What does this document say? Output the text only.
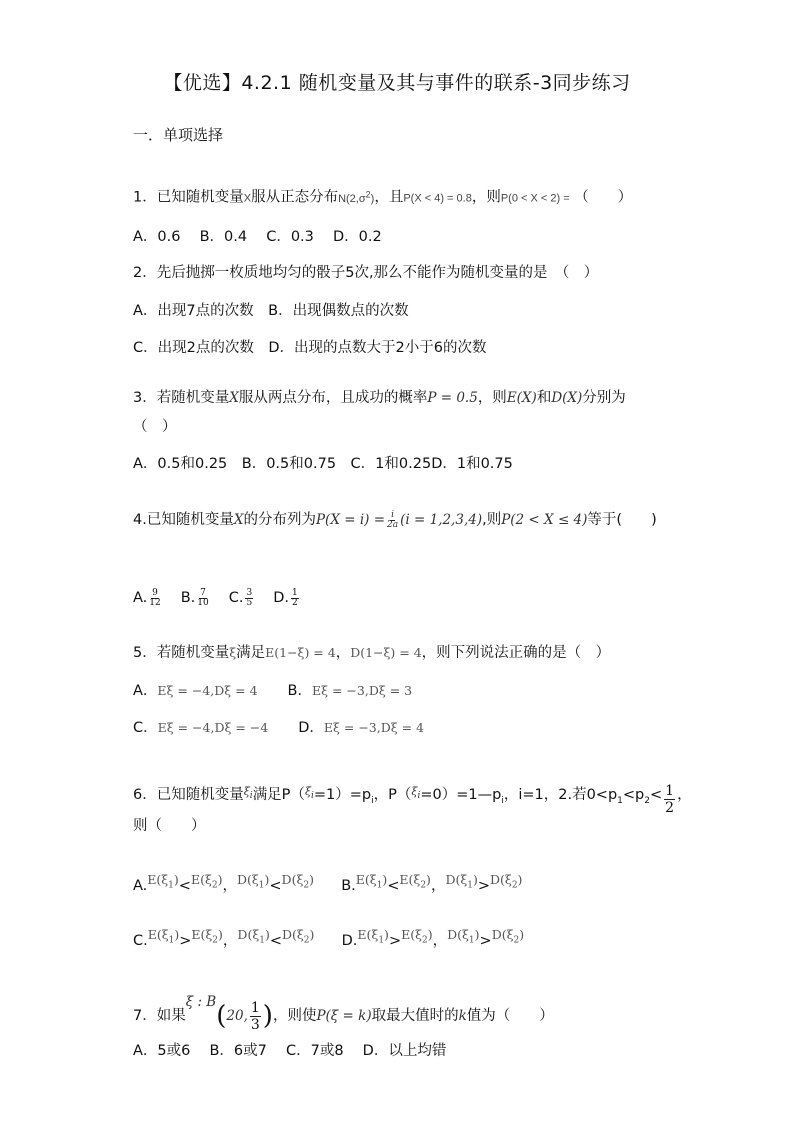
【优选】4.2.1 随机变量及其与事件的联系-3同步练习
一．单项选择
1．已知随机变量X服从正态分布$N(2,\sigma^2)$，且P(X < 4) = 0.8，则P(0 < X < 2) = （　　）
A．0.6　 B．0.4　 C．0.3　 D．0.2
2．先后抛掷一枚质地均匀的骰子5次,那么不能作为随机变量的是　（　）
A．出现7点的次数　B．出现偶数点的次数
C．出现2点的次数　D．出现的点数大于2小于6的次数
3．若随机变量X服从两点分布，且成功的概率P = 0.5，则E(X)和D(X)分别为
（　）
A．0.5和0.25　B．0.5和0.75　C．1和0.25D．1和0.75
4.已知随机变量X的分布列为$P(X = i) = \frac{i}{2a} (i = 1,2,3,4)$,则P(2 < X ≤ 4)等于(　　)
A. $\frac{9}{12} B$. $\frac{7}{10} C$. $\frac{3}{5} D$. $\frac{1}{2}$
5．若随机变量ξ满足E(1−ξ) = 4，D(1−ξ) = 4，则下列说法正确的是（　）
A．Eξ = −4,Dξ = 4 B．Eξ = −3,Dξ = 3
C．Eξ = −4,Dξ = −4 D．Eξ = −3,Dξ = 4
6．已知随机变量$^{\xi_i}$满足$P(^{\xi_i}=1)=p_i$，$P(^{\xi_i}=0)=1—p_i$，i=1，2.若$0<p_1<p_2< \frac{1}{2}$ ，
则（　　）
$A.E(\xi_1)<E(\xi_2)$，$D(\xi_1)<D(\xi_2)$ $B.E(\xi_1)<E(\xi_2)$，$D(\xi_1)>D(\xi_2)$
$C.E(\xi_1)>E(\xi_2)$，$D(\xi_1)<D(\xi_2)$ $D.E(\xi_1)>E(\xi_2)$，$D(\xi_1)>D(\xi_2)$
7．如果ξ : B(20, $\frac{1}{3}$ )，则使P(ξ = k)取最大值时的k值为（　　）
A．5或6　 B．6或7　 C．7或8　 D．以上均错
